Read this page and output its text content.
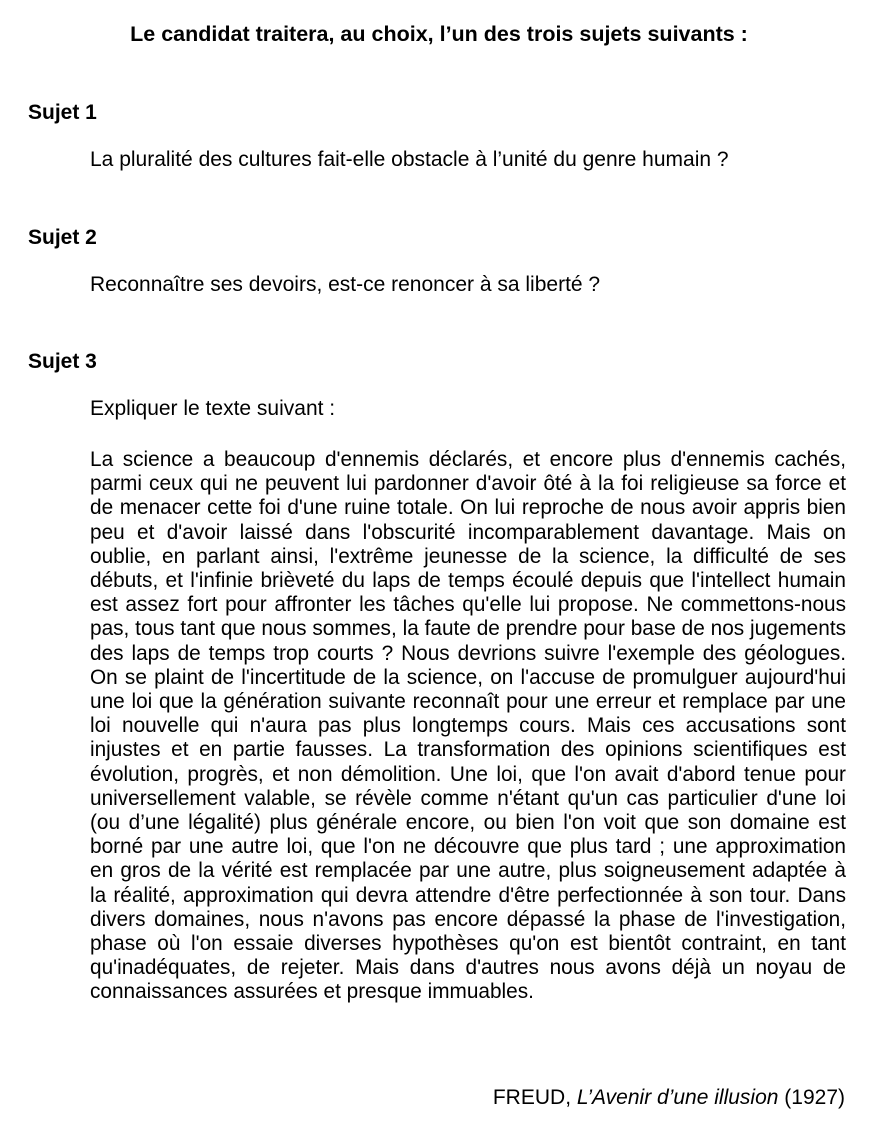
Le candidat traitera, au choix, l’un des trois sujets suivants :
Sujet 1
La pluralité des cultures fait-elle obstacle à l’unité du genre humain ?
Sujet 2
Reconnaître ses devoirs, est-ce renoncer à sa liberté ?
Sujet 3
Expliquer le texte suivant :
La science a beaucoup d'ennemis déclarés, et encore plus d'ennemis cachés, parmi ceux qui ne peuvent lui pardonner d'avoir ôté à la foi religieuse sa force et de menacer cette foi d'une ruine totale. On lui reproche de nous avoir appris bien peu et d'avoir laissé dans l'obscurité incomparablement davantage. Mais on oublie, en parlant ainsi, l'extrême jeunesse de la science, la difficulté de ses débuts, et l'infinie brièveté du laps de temps écoulé depuis que l'intellect humain est assez fort pour affronter les tâches qu'elle lui propose. Ne commettons-nous pas, tous tant que nous sommes, la faute de prendre pour base de nos jugements des laps de temps trop courts ? Nous devrions suivre l'exemple des géologues. On se plaint de l'incertitude de la science, on l'accuse de promulguer aujourd'hui une loi que la génération suivante reconnaît pour une erreur et remplace par une loi nouvelle qui n'aura pas plus longtemps cours. Mais ces accusations sont injustes et en partie fausses. La transformation des opinions scientifiques est évolution, progrès, et non démolition. Une loi, que l'on avait d'abord tenue pour universellement valable, se révèle comme n'étant qu'un cas particulier d'une loi (ou d’une légalité) plus générale encore, ou bien l'on voit que son domaine est borné par une autre loi, que l'on ne découvre que plus tard ; une approximation en gros de la vérité est remplacée par une autre, plus soigneusement adaptée à la réalité, approximation qui devra attendre d'être perfectionnée à son tour. Dans divers domaines, nous n'avons pas encore dépassé la phase de l'investigation, phase où l'on essaie diverses hypothèses qu'on est bientôt contraint, en tant qu'inadéquates, de rejeter. Mais dans d'autres nous avons déjà un noyau de connaissances assurées et presque immuables.
FREUD, L’Avenir d’une illusion (1927)
